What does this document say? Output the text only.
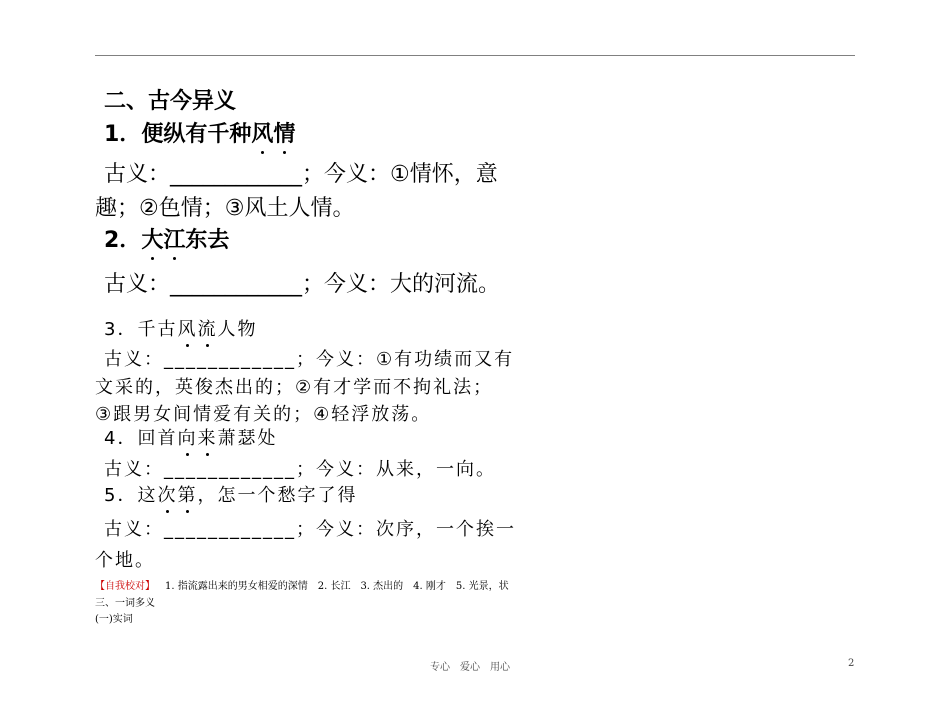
二、古今异义
1．便纵有千种风情
古义：____________；今义：①情怀，意
趣；②色情；③风土人情。
2．大江东去
古义：____________；今义：大的河流。
3．千古风流人物
古义：____________；今义：①有功绩而又有
文采的，英俊杰出的；②有才学而不拘礼法；
③跟男女间情爱有关的；④轻浮放荡。
4．回首向来萧瑟处
古义：____________；今义：从来，一向。
5．这次第，怎一个愁字了得
古义：____________；今义：次序，一个挨一
个地。
【自我校对】 1. 指流露出来的男女相爱的深情　2. 长江　3. 杰出的　4. 刚才　5. 光景，状
三、一词多义
(一)实词
专心　爱心　用心	2
